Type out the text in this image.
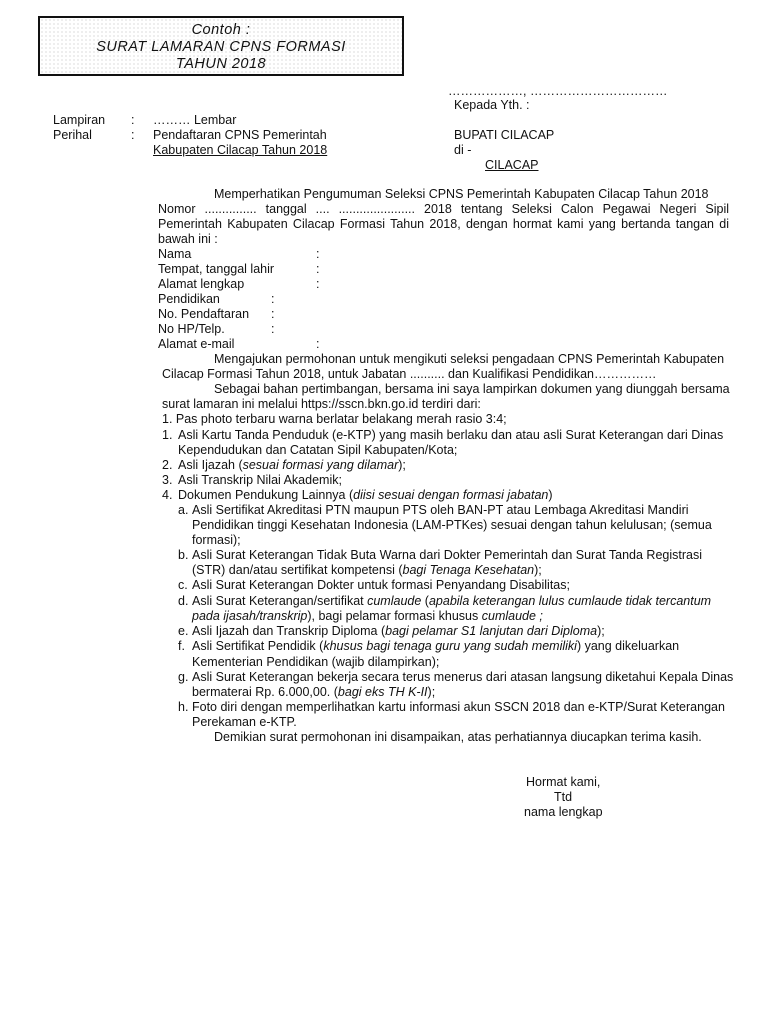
Contoh :
SURAT LAMARAN CPNS FORMASI
TAHUN 2018
………………, ……………………………
Kepada Yth. :
Lampiran : ……… Lembar
Perihal	: Pendaftaran CPNS Pemerintah
Kabupaten Cilacap Tahun 2018
BUPATI CILACAP
di -
CILACAP
Memperhatikan Pengumuman Seleksi CPNS Pemerintah Kabupaten Cilacap Tahun 2018
Nomor ............... tanggal .... ...................... 2018 tentang Seleksi Calon Pegawai Negeri Sipil
Pemerintah Kabupaten Cilacap Formasi Tahun 2018, dengan hormat kami yang bertanda tangan di
bawah ini :
Nama	:
Tempat, tanggal lahir	:
Alamat lengkap	:
Pendidikan	:
No. Pendaftaran :
No HP/Telp.	:
Alamat e-mail	:
Mengajukan permohonan untuk mengikuti seleksi pengadaan CPNS Pemerintah Kabupaten
Cilacap Formasi Tahun 2018, untuk Jabatan .......... dan Kualifikasi Pendidikan……………
Sebagai bahan pertimbangan, bersama ini saya lampirkan dokumen yang diunggah bersama
surat lamaran ini melalui https://sscn.bkn.go.id terdiri dari:
1. Pas photo terbaru warna berlatar belakang merah rasio 3:4;
1. Asli Kartu Tanda Penduduk (e-KTP) yang masih berlaku dan atau asli Surat Keterangan dari Dinas
Kependudukan dan Catatan Sipil Kabupaten/Kota;
2. Asli Ijazah (sesuai formasi yang dilamar);
3. Asli Transkrip Nilai Akademik;
4. Dokumen Pendukung Lainnya (diisi sesuai dengan formasi jabatan)
a. Asli Sertifikat Akreditasi PTN maupun PTS oleh BAN-PT atau Lembaga Akreditasi Mandiri
Pendidikan tinggi Kesehatan Indonesia (LAM-PTKes) sesuai dengan tahun kelulusan; (semua
formasi);
b. Asli Surat Keterangan Tidak Buta Warna dari Dokter Pemerintah dan Surat Tanda Registrasi
(STR) dan/atau sertifikat kompetensi (bagi Tenaga Kesehatan);
c. Asli Surat Keterangan Dokter untuk formasi Penyandang Disabilitas;
d. Asli Surat Keterangan/sertifikat cumlaude (apabila keterangan lulus cumlaude tidak tercantum
pada ijasah/transkrip), bagi pelamar formasi khusus cumlaude ;
e. Asli Ijazah dan Transkrip Diploma (bagi pelamar S1 lanjutan dari Diploma);
f. Asli Sertifikat Pendidik (khusus bagi tenaga guru yang sudah memiliki) yang dikeluarkan
Kementerian Pendidikan (wajib dilampirkan);
g. Asli Surat Keterangan bekerja secara terus menerus dari atasan langsung diketahui Kepala Dinas
bermaterai Rp. 6.000,00. (bagi eks TH K-II);
h. Foto diri dengan memperlihatkan kartu informasi akun SSCN 2018 dan e-KTP/Surat Keterangan
Perekaman e-KTP.
Demikian surat permohonan ini disampaikan, atas perhatiannya diucapkan terima kasih.
Hormat kami,
Ttd
nama lengkap
